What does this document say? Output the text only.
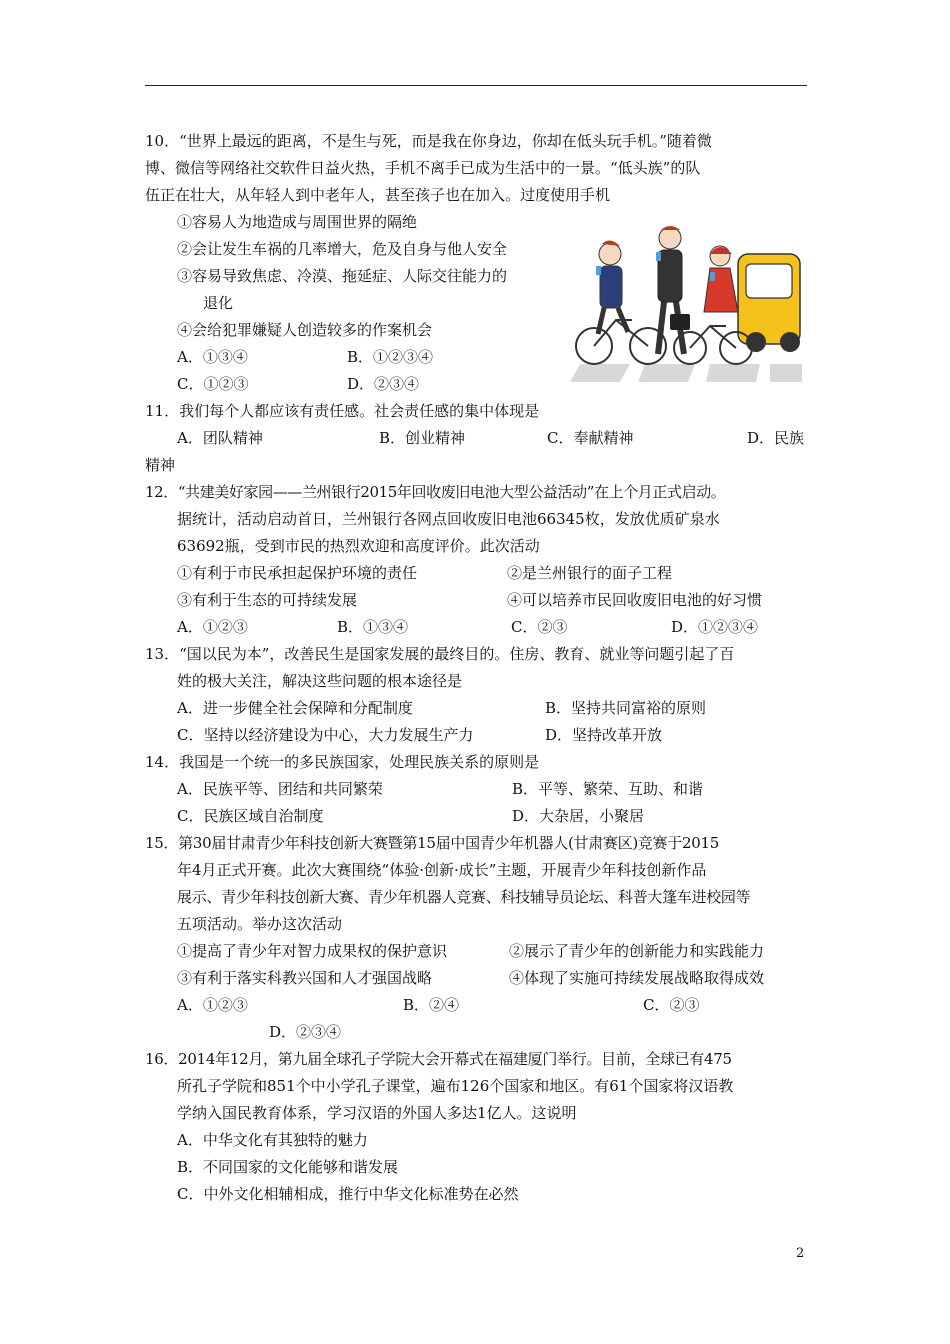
10．“世界上最远的距离，不是生与死，而是我在你身边，你却在低头玩手机。”随着微
博、微信等网络社交软件日益火热，手机不离手已成为生活中的一景。“低头族”的队
伍正在壮大，从年轻人到中老年人，甚至孩子也在加入。过度使用手机
①容易人为地造成与周围世界的隔绝
②会让发生车祸的几率增大，危及自身与他人安全
③容易导致焦虑、冷漠、拖延症、人际交往能力的
退化
④会给犯罪嫌疑人创造较多的作案机会
A．①③④	B．①②③④
C．①②③	D．②③④
11．我们每个人都应该有责任感。社会责任感的集中体现是
A．团队精神	B．创业精神	C．奉献精神	D．民族
精神
12．“共建美好家园——兰州银行2015年回收废旧电池大型公益活动”在上个月正式启动。
据统计，活动启动首日，兰州银行各网点回收废旧电池66345枚，发放优质矿泉水
63692瓶，受到市民的热烈欢迎和高度评价。此次活动
①有利于市民承担起保护环境的责任	②是兰州银行的面子工程
③有利于生态的可持续发展	④可以培养市民回收废旧电池的好习惯
A．①②③	B．①③④	C．②③	D．①②③④
13．“国以民为本”，改善民生是国家发展的最终目的。住房、教育、就业等问题引起了百
姓的极大关注，解决这些问题的根本途径是
A．进一步健全社会保障和分配制度	B．坚持共同富裕的原则
C．坚持以经济建设为中心，大力发展生产力	D．坚持改革开放
14．我国是一个统一的多民族国家，处理民族关系的原则是
A．民族平等、团结和共同繁荣	B．平等、繁荣、互助、和谐
C．民族区域自治制度	D．大杂居，小聚居
15．第30届甘肃青少年科技创新大赛暨第15届中国青少年机器人(甘肃赛区)竞赛于2015
年4月正式开赛。此次大赛围绕“体验·创新·成长”主题，开展青少年科技创新作品
展示、青少年科技创新大赛、青少年机器人竞赛、科技辅导员论坛、科普大篷车进校园等
五项活动。举办这次活动
①提高了青少年对智力成果权的保护意识	②展示了青少年的创新能力和实践能力
③有利于落实科教兴国和人才强国战略	④体现了实施可持续发展战略取得成效
A．①②③	B．②④	C．②③
D．②③④
16．2014年12月，第九届全球孔子学院大会开幕式在福建厦门举行。目前，全球已有475
所孔子学院和851个中小学孔子课堂，遍布126个国家和地区。有61个国家将汉语教
学纳入国民教育体系，学习汉语的外国人多达1亿人。这说明
A．中华文化有其独特的魅力
B．不同国家的文化能够和谐发展
C．中外文化相辅相成，推行中华文化标准势在必然
2
